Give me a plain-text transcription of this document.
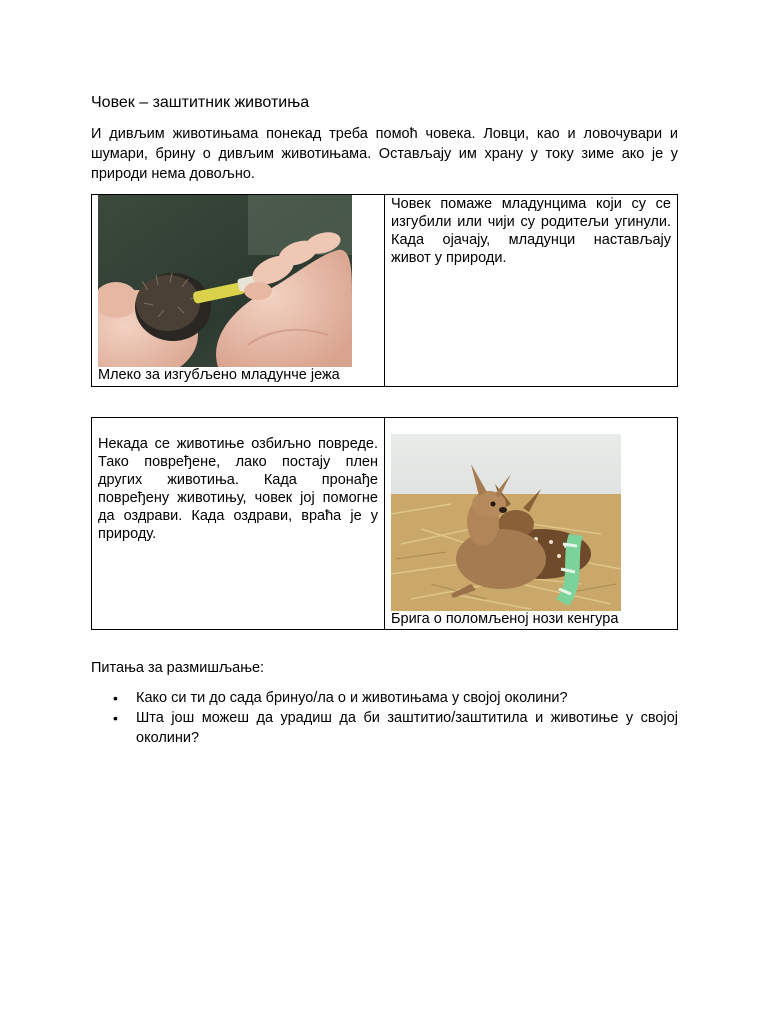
Човек – заштитник животиња

И дивљим животињама понекад треба помоћ човека. Ловци, као и ловочувари и шумари, брину о дивљим животињама. Остављају им храну у току зиме ако је у природи нема довољно.

Млеко за изгубљено младунче јежа

Човек помаже младунцима који су се изгубили или чији су родитељи угинули. Када ојачају, младунци настављају живот у природи.
Некада се животиње озбиљно повреде. Тако повређене, лако постају плен других животиња. Када пронађе повређену животињу, човек јој помогне да оздрави. Када оздрави, враћа је у природу.

Брига о поломљеној нози кенгура
Питања за размишљање:
• Како си ти до сада бринуо/ла о и животињама у својој околини?
• Шта још можеш да урадиш да би заштитио/заштитила и животиње у својој околини?
